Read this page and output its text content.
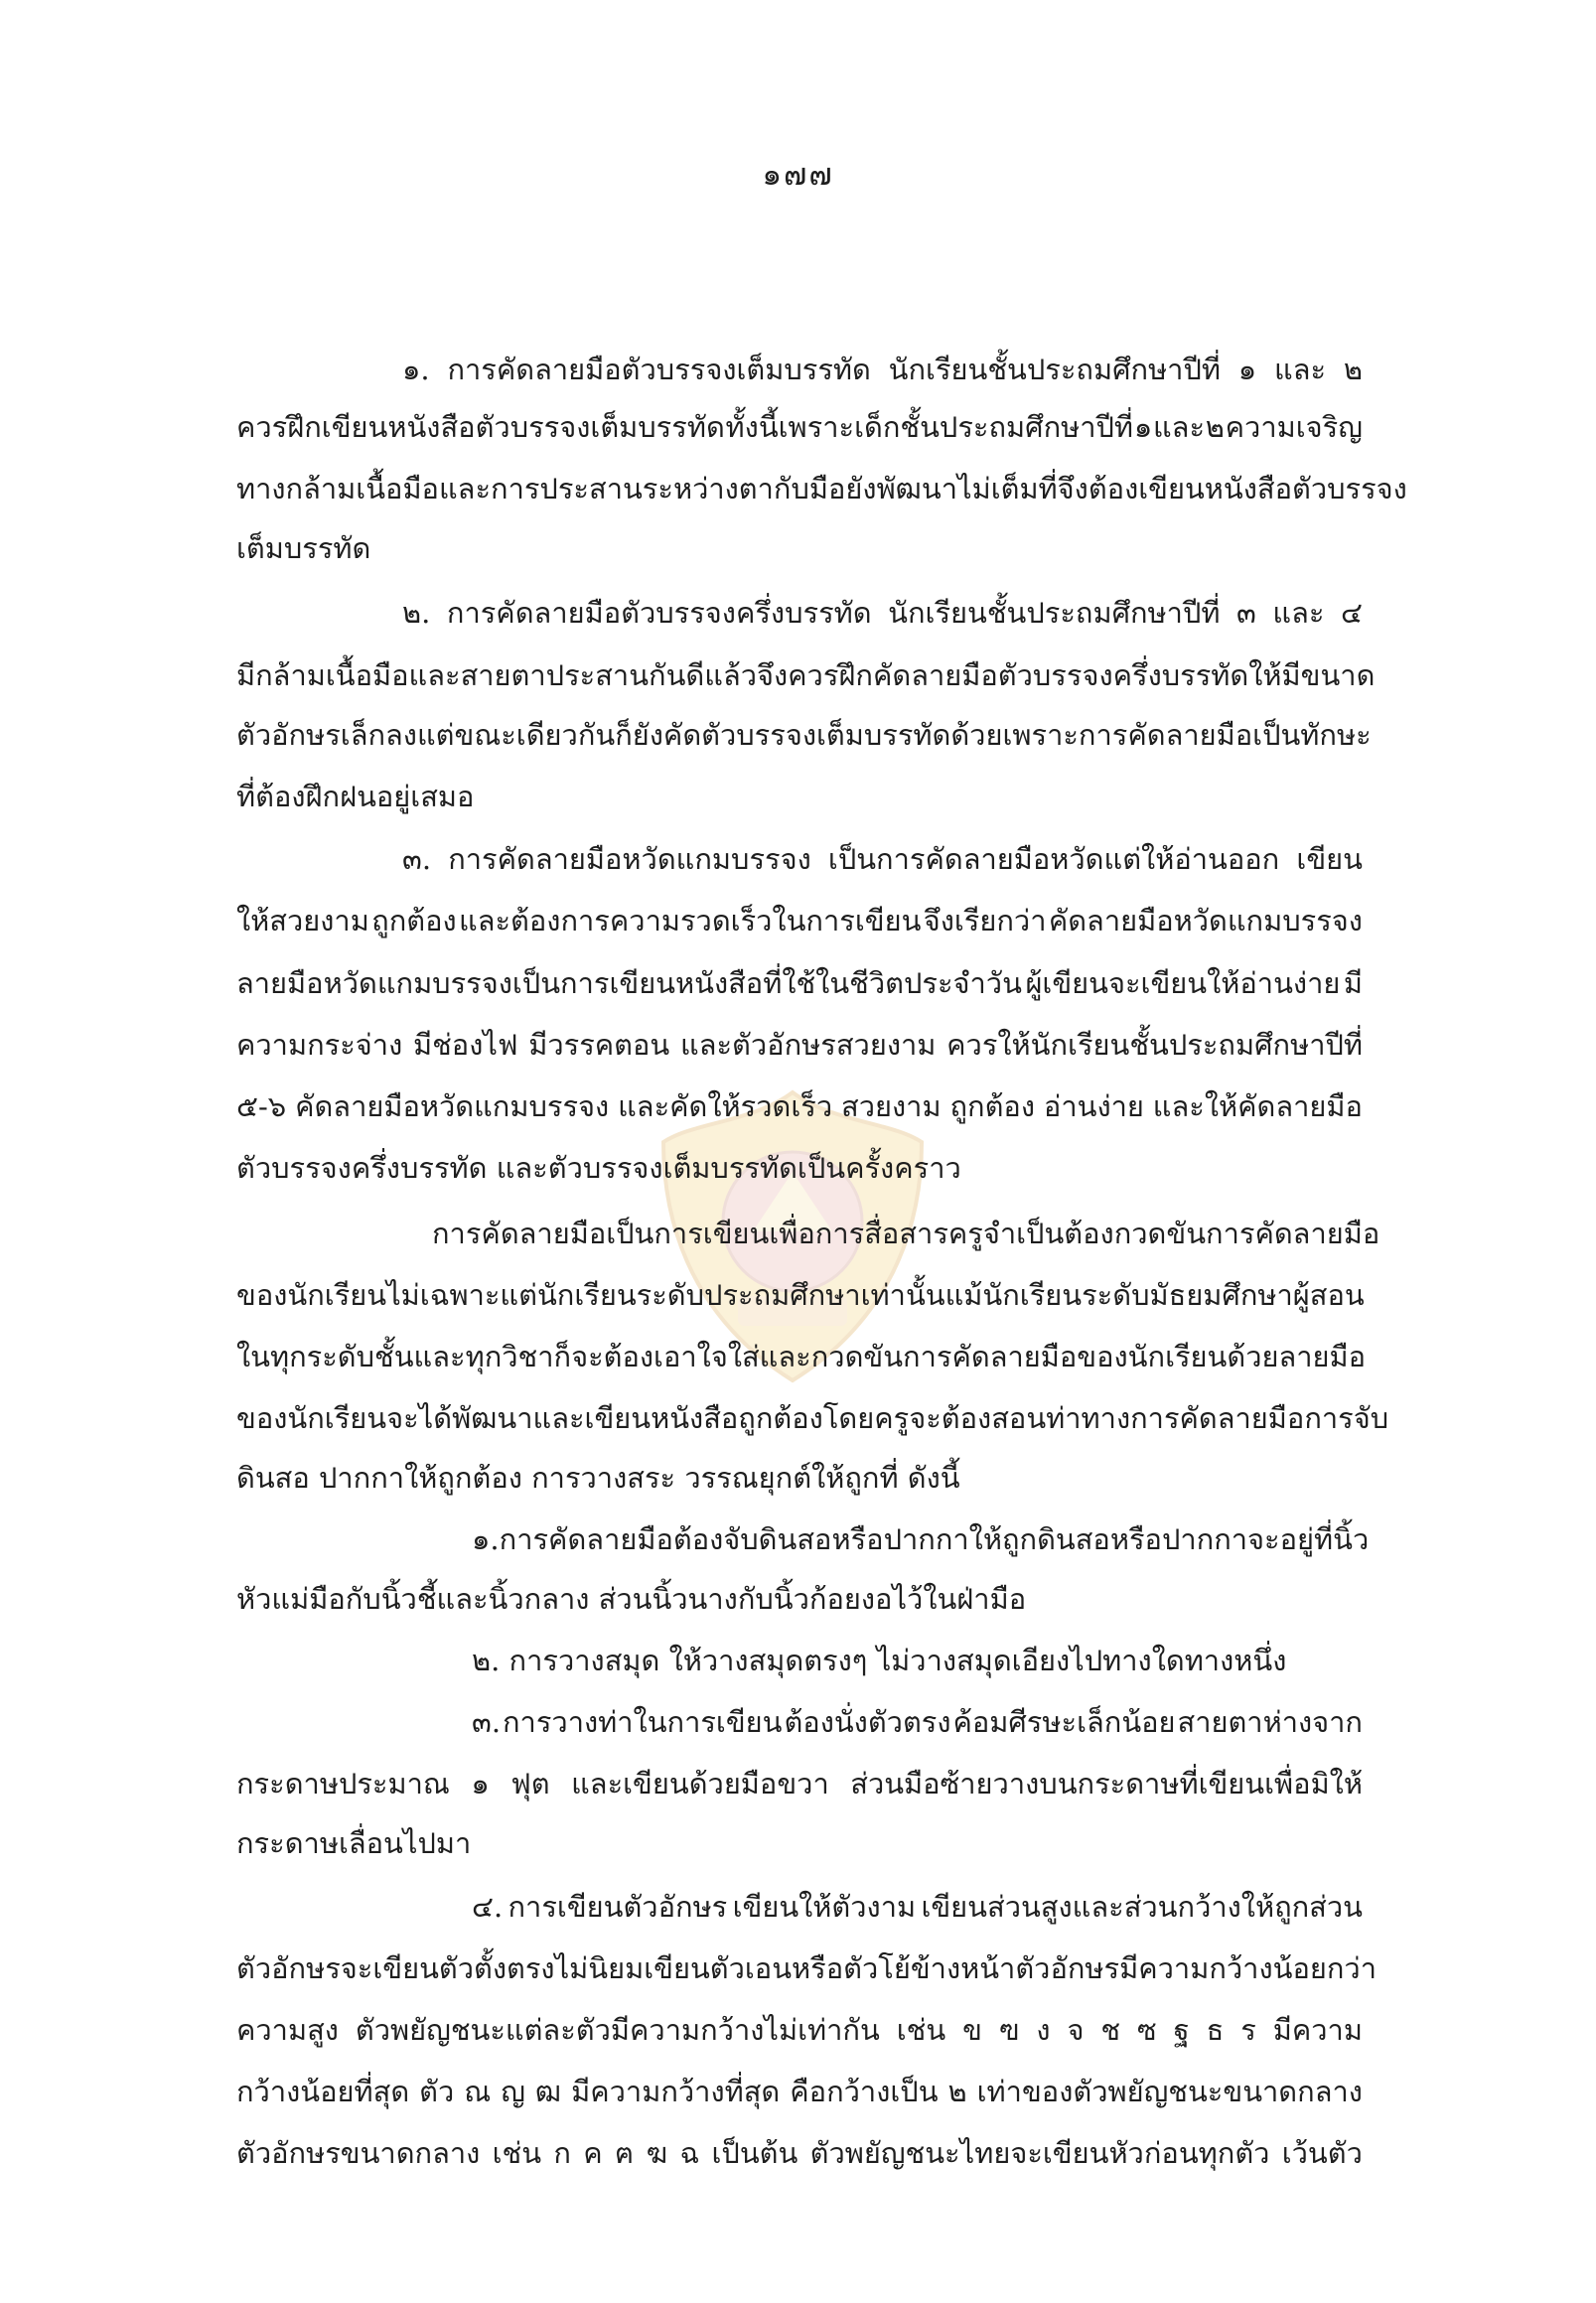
๑๗๗
๑. การคัดลายมือตัวบรรจงเต็มบรรทัด นักเรียนชั้นประถมศึกษาปีที่ ๑ และ ๒
ควรฝึกเขียนหนังสือตัวบรรจงเต็มบรรทัด ทั้งนี้เพราะเด็กชั้นประถมศึกษาปีที่ ๑ และ ๒ ความเจริญ
ทางกล้ามเนื้อมือและการประสานระหว่างตากับมือยังพัฒนาไม่เต็มที่ จึงต้องเขียนหนังสือตัวบรรจง
เต็มบรรทัด
๒. การคัดลายมือตัวบรรจงครึ่งบรรทัด นักเรียนชั้นประถมศึกษาปีที่ ๓ และ ๔
มีกล้ามเนื้อมือและสายตาประสานกันดีแล้ว จึงควรฝึกคัดลายมือตัวบรรจงครึ่งบรรทัดให้มีขนาด
ตัวอักษรเล็กลง แต่ขณะเดียวกันก็ยังคัดตัวบรรจงเต็มบรรทัดด้วย เพราะการคัดลายมือเป็นทักษะ
ที่ต้องฝึกฝนอยู่เสมอ
๓. การคัดลายมือหวัดแกมบรรจง เป็นการคัดลายมือหวัดแต่ให้อ่านออก เขียน
ให้สวยงาม ถูกต้อง และต้องการความรวดเร็วในการเขียน จึงเรียกว่า คัดลายมือหวัดแกมบรรจง
ลายมือหวัดแกมบรรจงเป็นการเขียนหนังสือที่ใช้ในชีวิตประจำวัน ผู้เขียนจะเขียนให้อ่านง่าย มี
ความกระจ่าง มีช่องไฟ มีวรรคตอน และตัวอักษรสวยงาม ควรให้นักเรียนชั้นประถมศึกษาปีที่
๕-๖ คัดลายมือหวัดแกมบรรจง และคัดให้รวดเร็ว สวยงาม ถูกต้อง อ่านง่าย และให้คัดลายมือ
ตัวบรรจงครึ่งบรรทัด และตัวบรรจงเต็มบรรทัดเป็นครั้งคราว
การคัดลายมือเป็นการเขียนเพื่อการสื่อสาร ครูจำเป็นต้องกวดขันการคัดลายมือ
ของนักเรียนไม่เฉพาะแต่นักเรียนระดับประถมศึกษาเท่านั้น แม้นักเรียนระดับมัธยมศึกษา ผู้สอน
ในทุกระดับชั้นและทุกวิชาก็จะต้องเอาใจใส่และกวดขันการคัดลายมือของนักเรียนด้วย ลายมือ
ของนักเรียนจะได้พัฒนาและเขียนหนังสือถูกต้อง โดยครูจะต้องสอนท่าทางการคัดลายมือ การจับ
ดินสอ ปากกาให้ถูกต้อง การวางสระ วรรณยุกต์ให้ถูกที่ ดังนี้
๑. การคัดลายมือ ต้องจับดินสอหรือปากกาให้ถูก ดินสอหรือปากกาจะอยู่ที่นิ้ว
หัวแม่มือกับนิ้วชี้และนิ้วกลาง ส่วนนิ้วนางกับนิ้วก้อยงอไว้ในฝ่ามือ
๒. การวางสมุด ให้วางสมุดตรงๆ ไม่วางสมุดเอียงไปทางใดทางหนึ่ง
๓. การวางท่าในการเขียน ต้องนั่งตัวตรง ค้อมศีรษะเล็กน้อย สายตาห่างจาก
กระดาษประมาณ ๑ ฟุต และเขียนด้วยมือขวา ส่วนมือซ้ายวางบนกระดาษที่เขียนเพื่อมิให้
กระดาษเลื่อนไปมา
๔. การเขียนตัวอักษร เขียนให้ตัวงาม เขียนส่วนสูงและส่วนกว้างให้ถูกส่วน
ตัวอักษรจะเขียนตัวตั้งตรง ไม่นิยมเขียนตัวเอนหรือตัวโย้ข้างหน้า ตัวอักษรมีความกว้างน้อยกว่า
ความสูง ตัวพยัญชนะแต่ละตัวมีความกว้างไม่เท่ากัน เช่น ข ฃ ง จ ช ซ ฐ ธ ร มีความ
กว้างน้อยที่สุด ตัว ณ ญ ฒ มีความกว้างที่สุด คือกว้างเป็น ๒ เท่าของตัวพยัญชนะขนาดกลาง
ตัวอักษรขนาดกลาง เช่น ก ค ฅ ฆ ฉ เป็นต้น ตัวพยัญชนะไทยจะเขียนหัวก่อนทุกตัว เว้นตัว
